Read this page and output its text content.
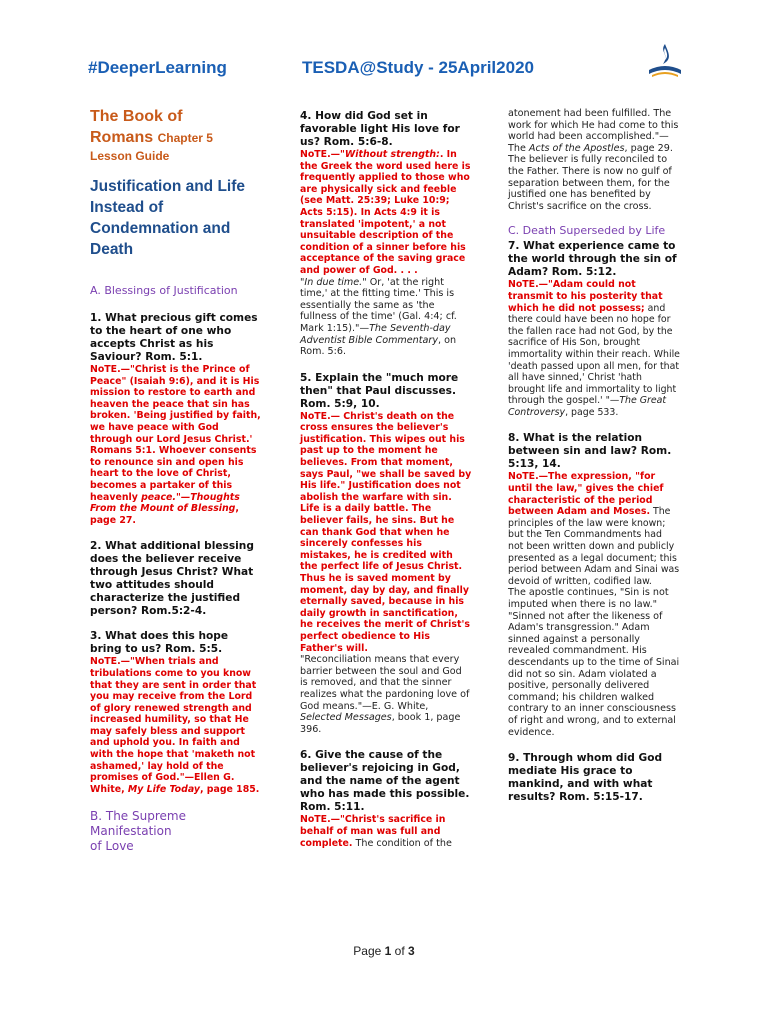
#DeeperLearning	TESDA@Study - 25April2020
The Book of
Romans Chapter 5
Lesson Guide
Justification and Life Instead of Condemnation and Death

A. Blessings of Justification

1. What precious gift comes to the heart of one who accepts Christ as his Saviour? Rom. 5:1.

NoTE.—"Christ is the Prince of Peace" (Isaiah 9:6), and it is His mission to restore to earth and heaven the peace that sin has broken. 'Being justified by faith, we have peace with God through our Lord Jesus Christ.' Romans 5:1. Whoever consents to renounce sin and open his heart to the love of Christ, becomes a partaker of this heavenly peace."—Thoughts From the Mount of Blessing, page 27.

2. What additional blessing does the believer receive through Jesus Christ? What two attitudes should characterize the justified person? Rom.5:2-4.

3. What does this hope bring to us? Rom. 5:5.

NoTE.—"When trials and tribulations come to you know that they are sent in order that you may receive from the Lord of glory renewed strength and increased humility, so that He may safely bless and support and uphold you. In faith and with the hope that 'maketh not ashamed,' lay hold of the promises of God."—Ellen G. White, My Life Today, page 185.

B. The Supreme
Manifestation
of Love

4. How did God set in favorable light His love for us? Rom. 5:6-8.

NoTE.—"Without strength:. In the Greek the word used here is frequently applied to those who are physically sick and feeble (see Matt. 25:39; Luke 10:9; Acts 5:15). In Acts 4:9 it is translated 'impotent,' a not unsuitable description of the condition of a sinner before his acceptance of the saving grace and power of God. . . .

"In due time." Or, 'at the right time,' at the fitting time.' This is essentially the same as 'the fullness of the time' (Gal. 4:4; cf. Mark 1:15)."—The Seventh-day Adventist Bible Commentary, on Rom. 5:6.

5. Explain the "much more then" that Paul discusses. Rom. 5:9, 10.

NoTE.— Christ's death on the cross ensures the believer's justification. This wipes out his past up to the moment he believes. From that moment, says Paul, "we shall be saved by His life." Justification does not abolish the warfare with sin. Life is a daily battle. The believer fails, he sins. But he can thank God that when he sincerely confesses his mistakes, he is credited with the perfect life of Jesus Christ. Thus he is saved moment by moment, day by day, and finally eternally saved, because in his daily growth in sanctification, he receives the merit of Christ's perfect obedience to His Father's will.

"Reconciliation means that every barrier between the soul and God is removed, and that the sinner realizes what the pardoning love of God means."—E. G. White, Selected Messages, book 1, page 396.

6. Give the cause of the believer's rejoicing in God, and the name of the agent who has made this possible. Rom. 5:11.

NoTE.—"Christ's sacrifice in behalf of man was full and complete. The condition of the

atonement had been fulfilled. The work for which He had come to this world had been accomplished."—The Acts of the Apostles, page 29.

The believer is fully reconciled to the Father. There is now no gulf of separation between them, for the justified one has benefited by Christ's sacrifice on the cross.

C. Death Superseded by Life

7. What experience came to the world through the sin of Adam? Rom. 5:12.

NoTE.—"Adam could not transmit to his posterity that which he did not possess; and there could have been no hope for the fallen race had not God, by the sacrifice of His Son, brought immortality within their reach. While 'death passed upon all men, for that all have sinned,' Christ 'hath brought life and immortality to light through the gospel.' "—The Great Controversy, page 533.

8. What is the relation between sin and law? Rom. 5:13, 14.

NoTE.—The expression, "for until the law," gives the chief characteristic of the period between Adam and Moses. The principles of the law were known; but the Ten Commandments had not been written down and publicly presented as a legal document; this period between Adam and Sinai was devoid of written, codified law.

The apostle continues, "Sin is not imputed when there is no law." "Sinned not after the likeness of Adam's transgression." Adam sinned against a personally revealed commandment. His descendants up to the time of Sinai did not so sin. Adam violated a positive, personally delivered command; his children walked contrary to an inner consciousness of right and wrong, and to external evidence.

9. Through whom did God mediate His grace to mankind, and with what results? Rom. 5:15-17.

Page 1 of 3
